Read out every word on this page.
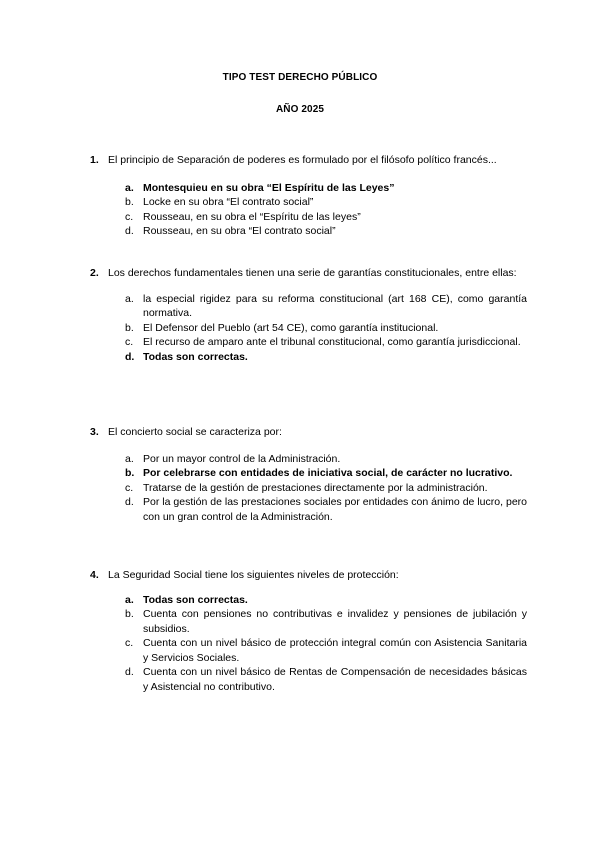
TIPO TEST DERECHO PÚBLICO
AÑO 2025
1. El principio de Separación de poderes es formulado por el filósofo político francés...
a. Montesquieu en su obra “El Espíritu de las Leyes”
b. Locke en su obra “El contrato social”
c. Rousseau, en su obra el “Espíritu de las leyes”
d. Rousseau, en su obra “El contrato social”
2. Los derechos fundamentales tienen una serie de garantías constitucionales, entre ellas:
a. la especial rigidez para su reforma constitucional (art 168 CE), como garantía normativa.
b. El Defensor del Pueblo (art 54 CE), como garantía institucional.
c. El recurso de amparo ante el tribunal constitucional, como garantía jurisdiccional.
d. Todas son correctas.
3. El concierto social se caracteriza por:
a. Por un mayor control de la Administración.
b. Por celebrarse con entidades de iniciativa social, de carácter no lucrativo.
c. Tratarse de la gestión de prestaciones directamente por la administración.
d. Por la gestión de las prestaciones sociales por entidades con ánimo de lucro, pero con un gran control de la Administración.
4. La Seguridad Social tiene los siguientes niveles de protección:
a. Todas son correctas.
b. Cuenta con pensiones no contributivas e invalidez y pensiones de jubilación y subsidios.
c. Cuenta con un nivel básico de protección integral común con Asistencia Sanitaria y Servicios Sociales.
d. Cuenta con un nivel básico de Rentas de Compensación de necesidades básicas y Asistencial no contributivo.
